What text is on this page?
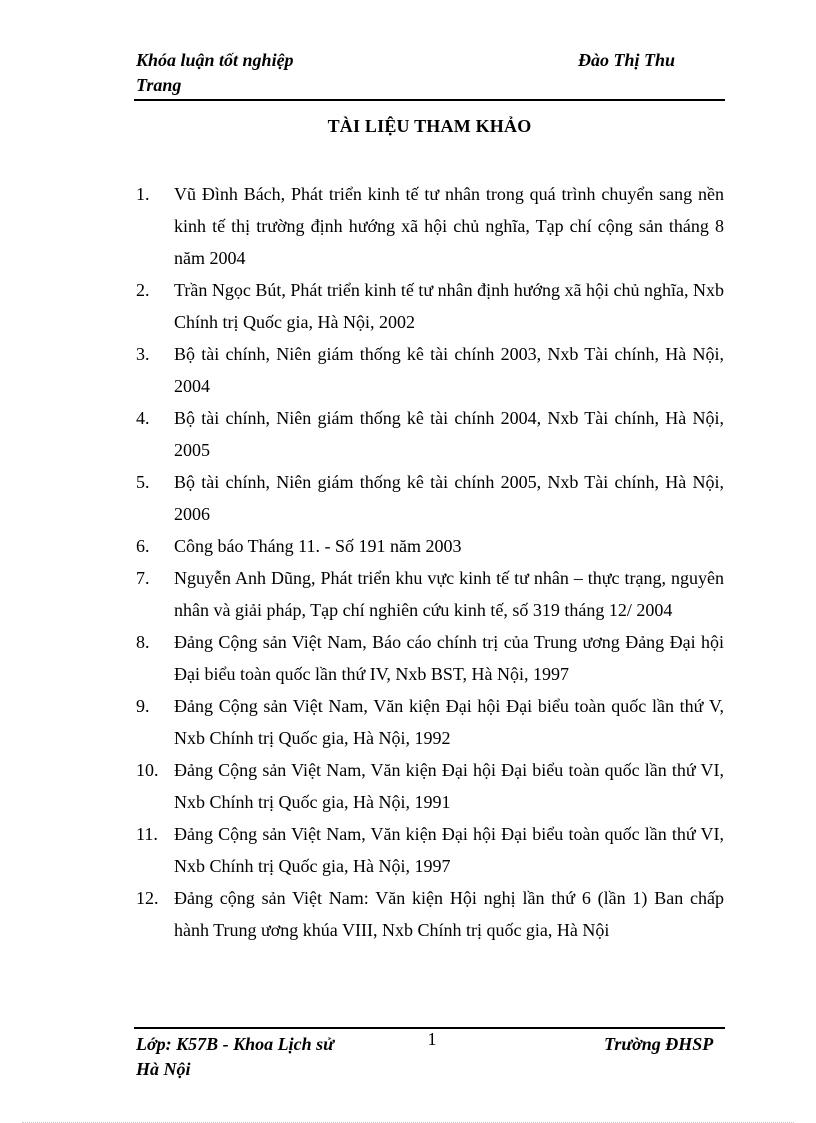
Khóa luận tốt nghiệp
Trang
Đào Thị Thu
TÀI LIỆU THAM KHẢO
1.	Vũ Đình Bách, Phát triển kinh tế tư nhân trong quá trình chuyển sang nền kinh tế thị trường định hướng xã hội chủ nghĩa, Tạp chí cộng sản tháng 8 năm 2004
2.	Trần Ngọc Bút, Phát triển kinh tế tư nhân định hướng xã hội chủ nghĩa, Nxb Chính trị Quốc gia, Hà Nội, 2002
3.	Bộ tài chính, Niên giám thống kê tài chính 2003, Nxb Tài chính, Hà Nội, 2004
4.	Bộ tài chính, Niên giám thống kê tài chính 2004, Nxb Tài chính, Hà Nội, 2005
5.	Bộ tài chính, Niên giám thống kê tài chính 2005, Nxb Tài chính, Hà Nội, 2006
6.	Công báo Tháng 11. - Số 191 năm 2003
7.	Nguyễn Anh Dũng, Phát triển khu vực kinh tế tư nhân – thực trạng, nguyên nhân và giải pháp, Tạp chí nghiên cứu kinh tế, số 319 tháng 12/ 2004
8.	Đảng Cộng sản Việt Nam, Báo cáo chính trị của Trung ương Đảng Đại hội Đại biểu toàn quốc lần thứ IV, Nxb BST, Hà Nội, 1997
9.	Đảng Cộng sản Việt Nam, Văn kiện Đại hội Đại biểu toàn quốc lần thứ V, Nxb Chính trị Quốc gia, Hà Nội, 1992
10. Đảng Cộng sản Việt Nam, Văn kiện Đại hội Đại biểu toàn quốc lần thứ VI, Nxb Chính trị Quốc gia, Hà Nội, 1991
11. Đảng Cộng sản Việt Nam, Văn kiện Đại hội Đại biểu toàn quốc lần thứ VI, Nxb Chính trị Quốc gia, Hà Nội, 1997
12. Đảng cộng sản Việt Nam: Văn kiện Hội nghị lần thứ 6 (lần 1) Ban chấp hành Trung ương khúa VIII, Nxb Chính trị quốc gia, Hà Nội
Lớp: K57B - Khoa Lịch sử
Hà Nội
1	Trường ĐHSP
